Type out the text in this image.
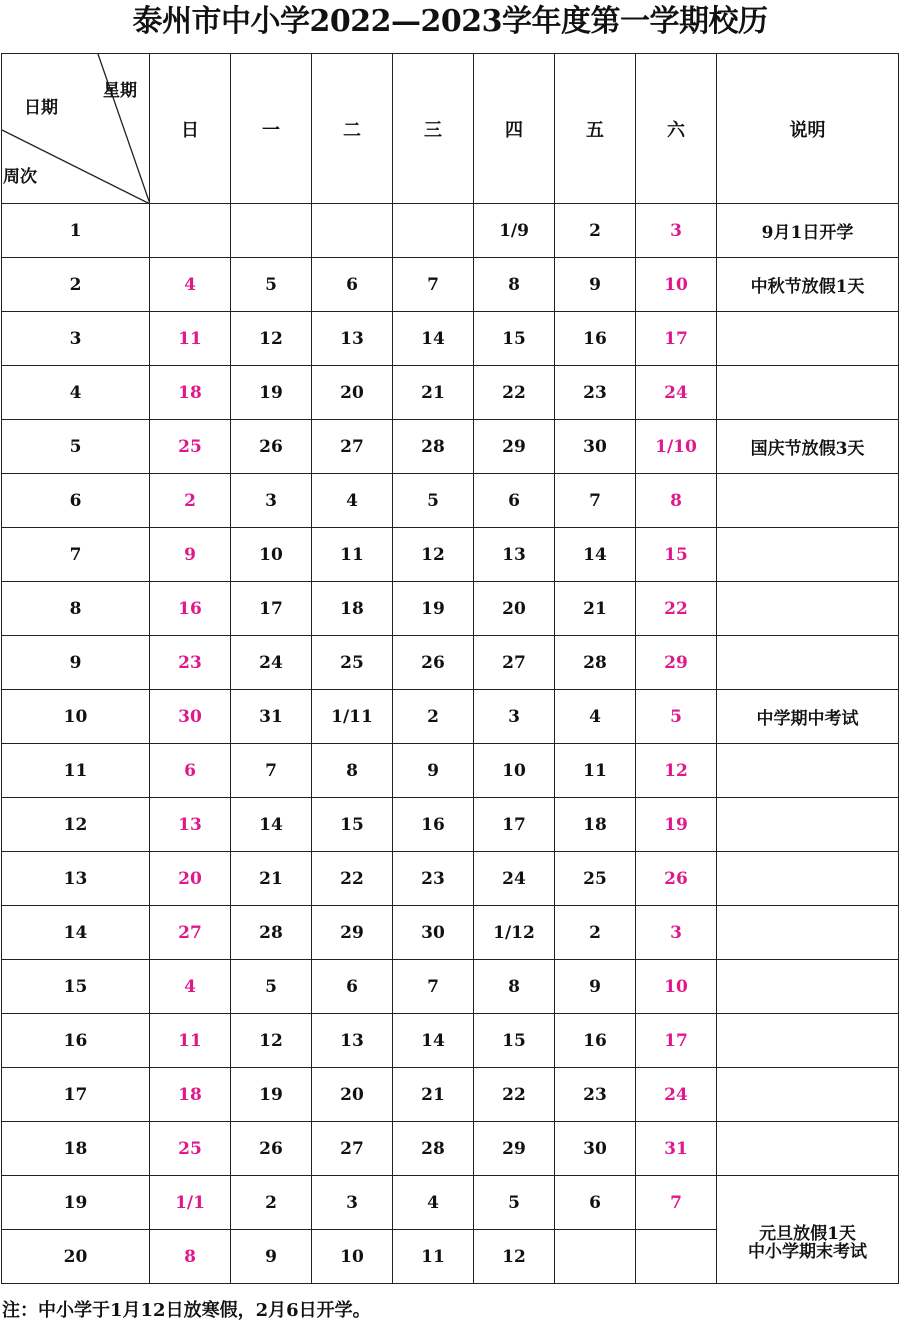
泰州市中小学2022—2023学年度第一学期校历
日期
星期
周次	日	一	二	三	四	五	六	说明
1					1/9	2	3	9月1日开学
2	4	5	6	7	8	9	10	中秋节放假1天
3	11	12	13	14	15	16	17	
4	18	19	20	21	22	23	24	
5	25	26	27	28	29	30	1/10	国庆节放假3天
6	2	3	4	5	6	7	8	
7	9	10	11	12	13	14	15	
8	16	17	18	19	20	21	22	
9	23	24	25	26	27	28	29	
10	30	31	1/11	2	3	4	5	中学期中考试
11	6	7	8	9	10	11	12	
12	13	14	15	16	17	18	19	
13	20	21	22	23	24	25	26	
14	27	28	29	30	1/12	2	3	
15	4	5	6	7	8	9	10	
16	11	12	13	14	15	16	17	
17	18	19	20	21	22	23	24	
18	25	26	27	28	29	30	31	
19	1/1	2	3	4	5	6	7	元旦放假1天
中小学期末考试

20	8	9	10	11	12			
注：中小学于1月12日放寒假，2月6日开学。
